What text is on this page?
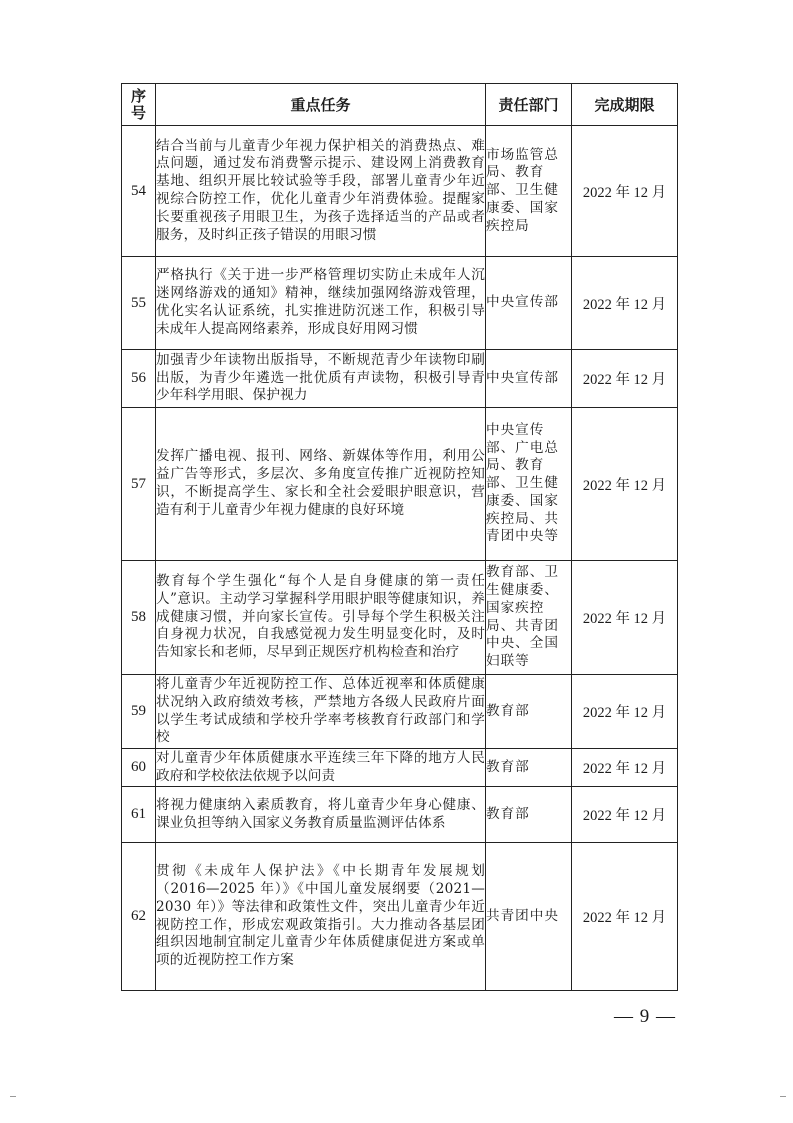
序号	重点任务	责任部门	完成期限
54	结合当前与儿童青少年视力保护相关的消费热点、难点问题，通过发布消费警示提示、建设网上消费教育基地、组织开展比较试验等手段，部署儿童青少年近视综合防控工作，优化儿童青少年消费体验。提醒家长要重视孩子用眼卫生，为孩子选择适当的产品或者服务，及时纠正孩子错误的用眼习惯	市场监管总局、教育部、卫生健康委、国家疾控局	2022 年 12 月
55	严格执行《关于进一步严格管理切实防止未成年人沉迷网络游戏的通知》精神，继续加强网络游戏管理，优化实名认证系统，扎实推进防沉迷工作，积极引导未成年人提高网络素养，形成良好用网习惯	中央宣传部	2022 年 12 月
56	加强青少年读物出版指导，不断规范青少年读物印刷出版，为青少年遴选一批优质有声读物，积极引导青少年科学用眼、保护视力	中央宣传部	2022 年 12 月
57	发挥广播电视、报刊、网络、新媒体等作用，利用公益广告等形式，多层次、多角度宣传推广近视防控知识，不断提高学生、家长和全社会爱眼护眼意识，营造有利于儿童青少年视力健康的良好环境	中央宣传部、广电总局、教育部、卫生健康委、国家疾控局、共青团中央等	2022 年 12 月
58	教育每个学生强化“每个人是自身健康的第一责任人”意识。主动学习掌握科学用眼护眼等健康知识，养成健康习惯，并向家长宣传。引导每个学生积极关注自身视力状况，自我感觉视力发生明显变化时，及时告知家长和老师，尽早到正规医疗机构检查和治疗	教育部、卫生健康委、国家疾控局、共青团中央、全国妇联等	2022 年 12 月
59	将儿童青少年近视防控工作、总体近视率和体质健康状况纳入政府绩效考核，严禁地方各级人民政府片面以学生考试成绩和学校升学率考核教育行政部门和学校	教育部	2022 年 12 月
60	对儿童青少年体质健康水平连续三年下降的地方人民政府和学校依法依规予以问责	教育部	2022 年 12 月
61	将视力健康纳入素质教育，将儿童青少年身心健康、课业负担等纳入国家义务教育质量监测评估体系	教育部	2022 年 12 月
62	贯彻《未成年人保护法》《中长期青年发展规划（2016—2025 年）》《中国儿童发展纲要（2021—2030 年）》等法律和政策性文件，突出儿童青少年近视防控工作，形成宏观政策指引。大力推动各基层团组织因地制宜制定儿童青少年体质健康促进方案或单项的近视防控工作方案	共青团中央	2022 年 12 月
— 9 —
